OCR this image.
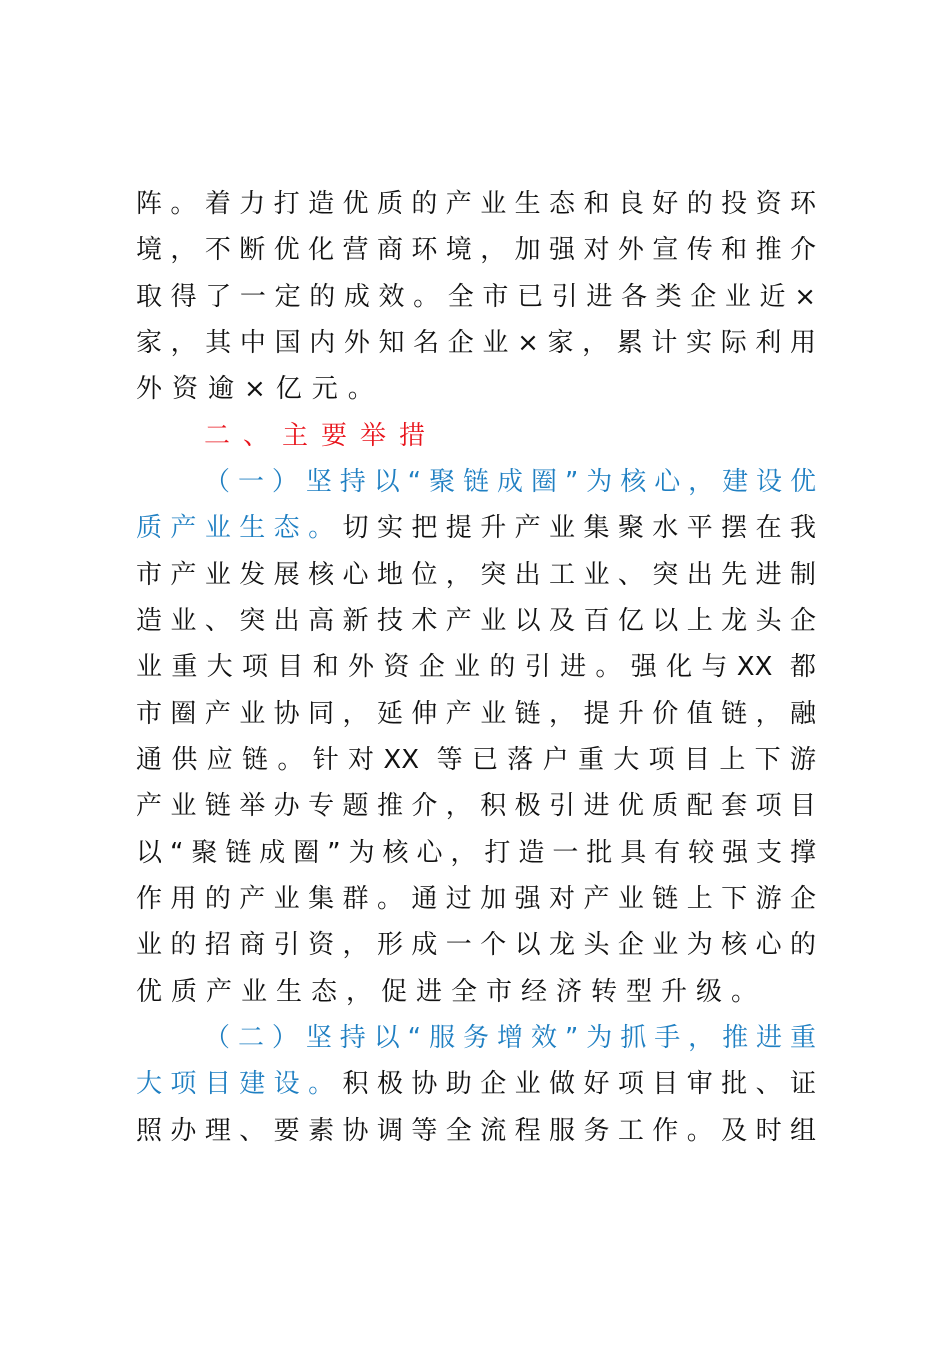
阵。着力打造优质的产业生态和良好的投资环
境，不断优化营商环境，加强对外宣传和推介
取得了一定的成效。全市已引进各类企业近×
家，其中国内外知名企业×家，累计实际利用
外资逾×亿元。
二、主要举措
（一）坚持以“聚链成圈”为核心，建设优
质产业生态。切实把提升产业集聚水平摆在我
市产业发展核心地位，突出工业、突出先进制
造业、突出高新技术产业以及百亿以上龙头企
业重大项目和外资企业的引进。强化与XX 都
市圈产业协同，延伸产业链，提升价值链，融
通供应链。针对XX 等已落户重大项目上下游
产业链举办专题推介，积极引进优质配套项目
以“聚链成圈”为核心，打造一批具有较强支撑
作用的产业集群。通过加强对产业链上下游企
业的招商引资，形成一个以龙头企业为核心的
优质产业生态，促进全市经济转型升级。
（二）坚持以“服务增效”为抓手，推进重
大项目建设。积极协助企业做好项目审批、证
照办理、要素协调等全流程服务工作。及时组
